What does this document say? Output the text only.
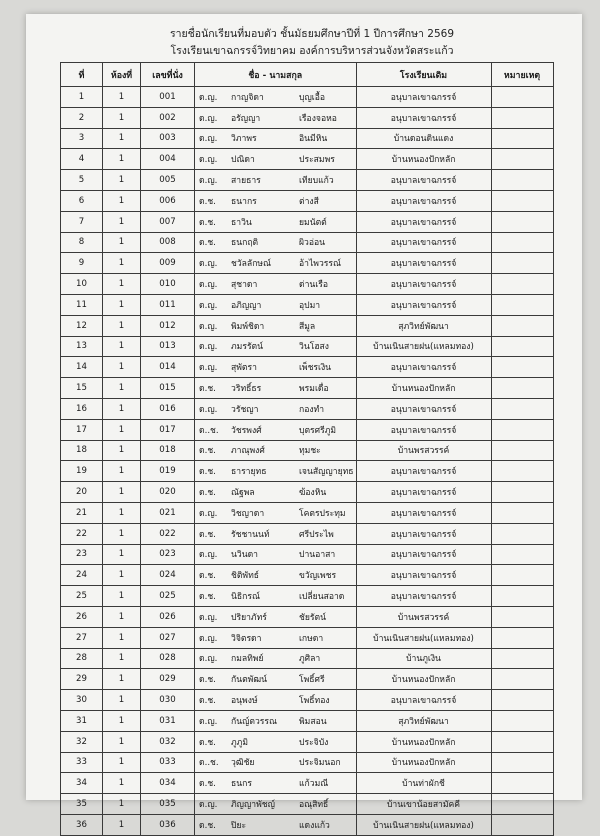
รายชื่อนักเรียนที่มอบตัว ชั้นมัธยมศึกษาปีที่ 1 ปีการศึกษา 2569
โรงเรียนเขาฉกรรจ์วิทยาคม องค์การบริหารส่วนจังหวัดสระแก้ว
ที่	ห้องที่	เลขที่นั่ง	ชื่อ - นามสกุล	โรงเรียนเดิม	หมายเหตุ
1	1	001	ด.ญ. กาญจิดา บุญเอื้อ	อนุบาลเขาฉกรรจ์	
2	1	002	ด.ญ. อรัญญา เรืองจอหอ	อนุบาลเขาฉกรรจ์	
3	1	003	ด.ญ. วิภาพร อินมีหิน	บ้านดอนดินแดง	
4	1	004	ด.ญ. ปณิดา ประสมพร	บ้านหนองปักหลัก	
5	1	005	ด.ญ. สายธาร เทียบแก้ว	อนุบาลเขาฉกรรจ์	
6	1	006	ด.ช. ธนากร ต่างสี	อนุบาลเขาฉกรรจ์	
7	1	007	ด.ช. ธาวิน ยมนัตต์	อนุบาลเขาฉกรรจ์	
8	1	008	ด.ช. ธนกฤติ ผิวอ่อน	อนุบาลเขาฉกรรจ์	
9	1	009	ด.ญ. ชวัลลักษณ์ อ้าไพวรรณ์	อนุบาลเขาฉกรรจ์	
10	1	010	ด.ญ. สุชาดา ด่านเรือ	อนุบาลเขาฉกรรจ์	
11	1	011	ด.ญ. อภิญญา อุปมา	อนุบาลเขาฉกรรจ์	
12	1	012	ด.ญ. พิมพ์ชิดา สีมูล	สุภวิทย์พัฒนา	
13	1	013	ด.ญ. ภมรรัตน์ วินโฮสง	บ้านเนินสายฝน(แหลมทอง)	
14	1	014	ด.ญ. สุพัตรา เพ็ชรเงิน	อนุบาลเขาฉกรรจ์	
15	1	015	ด.ช. วริทธิ์ธร พรมเดื่อ	บ้านหนองปักหลัก	
16	1	016	ด.ญ. วรัชญา กองทำ	อนุบาลเขาฉกรรจ์	
17	1	017	ด..ช. วัชรพงศ์ บุตรศรีภูมิ	อนุบาลเขาฉกรรจ์	
18	1	018	ด.ช. ภาณุพงศ์ ทุมชะ	บ้านพรสวรรค์	
19	1	019	ด.ช. ธารายุทธ เจนสัญญายุทธ	อนุบาลเขาฉกรรจ์	
20	1	020	ด.ช. ณัฐพล ฆ้องหิน	อนุบาลเขาฉกรรจ์	
21	1	021	ด.ญ. วิชญาดา โคตรประทุม	อนุบาลเขาฉกรรจ์	
22	1	022	ด.ช. รัชชานนท์ ศรีประไพ	อนุบาลเขาฉกรรจ์	
23	1	023	ด.ญ. นวินดา ปานอาสา	อนุบาลเขาฉกรรจ์	
24	1	024	ด.ช. ชิติพัทธ์ ขวัญเพชร	อนุบาลเขาฉกรรจ์	
25	1	025	ด.ช. นิธิกรณ์ เปลี่ยนสอาด	อนุบาลเขาฉกรรจ์	
26	1	026	ด.ญ. ปริยาภัทร์ ชัยรัตน์	บ้านพรสวรรค์	
27	1	027	ด.ญ. วิจิตรดา เกษดา	บ้านเนินสายฝน(แหลมทอง)	
28	1	028	ด.ญ. กมลทิพย์ ภูศิลา	บ้านภูเงิน	
29	1	029	ด.ช. กันตพัฒน์ โพธิ์ศรี	บ้านหนองปักหลัก	
30	1	030	ด.ช. อนุพงษ์ โพธิ์ทอง	อนุบาลเขาฉกรรจ์	
31	1	031	ด.ญ. กันญ์ตวรรณ พิมสอน	สุภวิทย์พัฒนา	
32	1	032	ด.ช. ภูภูมิ ประจิบัง	บ้านหนองปักหลัก	
33	1	033	ด..ช. วุฒิชัย ประจิมนอก	บ้านหนองปักหลัก	
34	1	034	ด.ช. ธนกร แก้วมณี	บ้านท่าผักชี	
35	1	035	ด.ญ. ภิญญาพัชญ์ อณุสิทธิ์	บ้านเขาน้อยสามัคคี	
36	1	036	ด.ช. ปิยะ แดงแก้ว	บ้านเนินสายฝน(แหลมทอง)	
